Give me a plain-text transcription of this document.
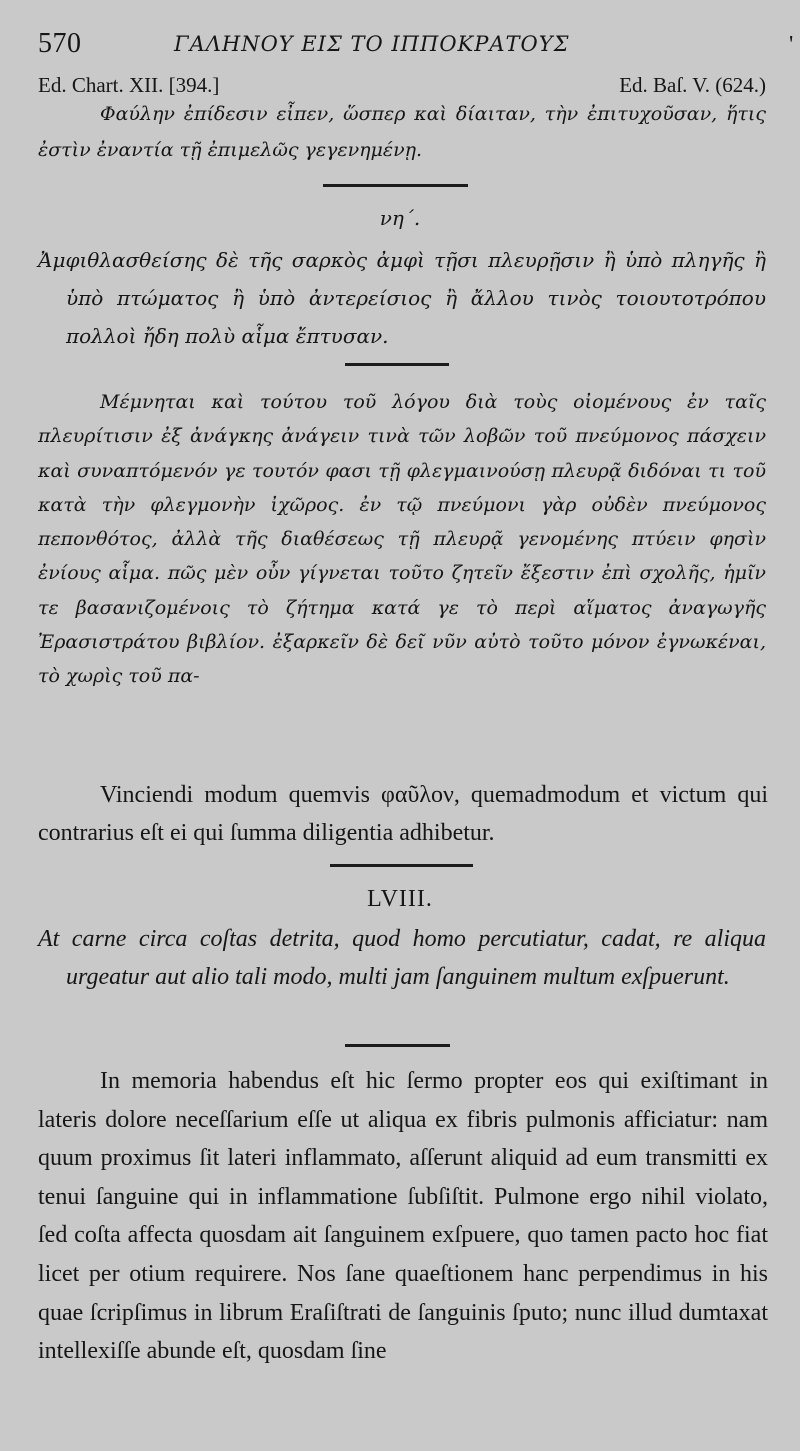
570	ΓΑΛΗΝΟΥ ΕΙΣ ΤΟ ΙΠΠΟΚΡΑΤΟΥΣ	'
Ed. Chart. XII. [394.]	Ed. Baſ. V. (624.)

Φαύλην ἐπίδεσιν εἶπεν, ὥσπερ καὶ δίαιταν, τὴν ἐπιτυχοῦσαν, ἥτις ἐστὶν ἐναντία τῇ ἐπιμελῶς γεγενημένῃ.

νη΄.

Ἀμφιθλασθείσης δὲ τῆς σαρκὸς ἀμφὶ τῇσι πλευρῇσιν ἢ ὑπὸ πληγῆς ἢ ὑπὸ πτώματος ἢ ὑπὸ ἀντερείσιος ἢ ἄλλου τινὸς τοιουτοτρόπου πολλοὶ ἤδη πολὺ αἷμα ἔπτυσαν.

Μέμνηται καὶ τούτου τοῦ λόγου διὰ τοὺς οἰομένους ἐν ταῖς πλευρίτισιν ἐξ ἀνάγκης ἀνάγειν τινὰ τῶν λοβῶν τοῦ πνεύμονος πάσχειν καὶ συναπτόμενόν γε τουτόν φασι τῇ φλεγμαινούσῃ πλευρᾷ διδόναι τι τοῦ κατὰ τὴν φλεγμονὴν ἰχῶρος. ἐν τῷ πνεύμονι γὰρ οὐδὲν πνεύμονος πεπονθότος, ἀλλὰ τῆς διαθέσεως τῇ πλευρᾷ γενομένης πτύειν φησὶν ἐνίους αἷμα. πῶς μὲν οὖν γίγνεται τοῦτο ζητεῖν ἔξεστιν ἐπὶ σχολῆς, ἡμῖν τε βασανιζομένοις τὸ ζήτημα κατά γε τὸ περὶ αἵματος ἀναγωγῆς Ἐρασιστράτου βιβλίον. ἐξαρκεῖν δὲ δεῖ νῦν αὐτὸ τοῦτο μόνον ἐγνωκέναι, τὸ χωρὶς τοῦ πα-

Vinciendi modum quemvis φαῦλον, quemadmodum et victum qui contrarius eſt ei qui ſumma diligentia adhibetur.

LVIII.

At carne circa coſtas detrita, quod homo percutiatur, cadat, re aliqua urgeatur aut alio tali modo, multi jam ſanguinem multum exſpuerunt.

In memoria habendus eſt hic ſermo propter eos qui exiſtimant in lateris dolore neceſſarium eſſe ut aliqua ex fibris pulmonis afficiatur: nam quum proximus ſit lateri inflammato, aſſerunt aliquid ad eum transmitti ex tenui ſanguine qui in inflammatione ſubſiſtit. Pulmone ergo nihil violato, ſed coſta affecta quosdam ait ſanguinem exſpuere, quo tamen pacto hoc fiat licet per otium requirere. Nos ſane quaeſtionem hanc perpendimus in his quae ſcripſimus in librum Eraſiſtrati de ſanguinis ſputo; nunc illud dumtaxat intellexiſſe abunde eſt, quosdam ſine
